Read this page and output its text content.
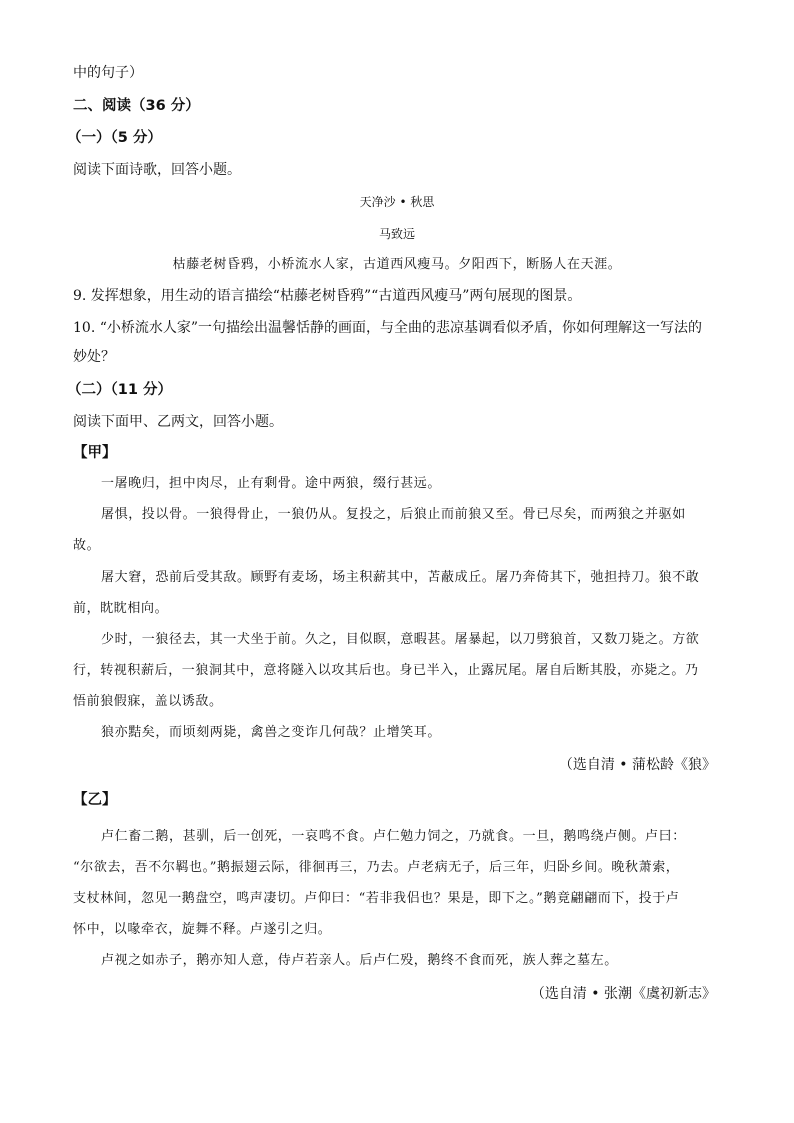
中的句子）
二、阅读（36 分）
（一）（5 分）
阅读下面诗歌，回答小题。
天净沙 • 秋思
马致远
枯藤老树昏鸦，小桥流水人家，古道西风瘦马。夕阳西下，断肠人在天涯。
9. 发挥想象，用生动的语言描绘“枯藤老树昏鸦”“古道西风瘦马”两句展现的图景。
10. “小桥流水人家”一句描绘出温馨恬静的画面，与全曲的悲凉基调看似矛盾，你如何理解这一写法的
妙处？
（二）（11 分）
阅读下面甲、乙两文，回答小题。
【甲】
一屠晚归，担中肉尽，止有剩骨。途中两狼，缀行甚远。
屠惧，投以骨。一狼得骨止，一狼仍从。复投之，后狼止而前狼又至。骨已尽矣，而两狼之并驱如
故。
屠大窘，恐前后受其敌。顾野有麦场，场主积薪其中，苫蔽成丘。屠乃奔倚其下，弛担持刀。狼不敢
前，眈眈相向。
少时，一狼径去，其一犬坐于前。久之，目似瞑，意暇甚。屠暴起，以刀劈狼首，又数刀毙之。方欲
行，转视积薪后，一狼洞其中，意将隧入以攻其后也。身已半入，止露尻尾。屠自后断其股，亦毙之。乃
悟前狼假寐，盖以诱敌。
狼亦黠矣，而顷刻两毙，禽兽之变诈几何哉？止增笑耳。
（选自清 • 蒲松龄《狼》
【乙】
卢仁畜二鹅，甚驯，后一创死，一哀鸣不食。卢仁勉力饲之，乃就食。一旦，鹅鸣绕卢侧。卢曰：
“尔欲去，吾不尔羁也。”鹅振翅云际，徘徊再三，乃去。卢老病无子，后三年，归卧乡间。晚秋萧索，
支杖林间，忽见一鹅盘空，鸣声凄切。卢仰曰：“若非我侣也？果是，即下之。”鹅竟翩翩而下，投于卢
怀中，以喙牵衣，旋舞不释。卢遂引之归。
卢视之如赤子，鹅亦知人意，侍卢若亲人。后卢仁殁，鹅终不食而死，族人葬之墓左。
（选自清 • 张潮《虞初新志》
